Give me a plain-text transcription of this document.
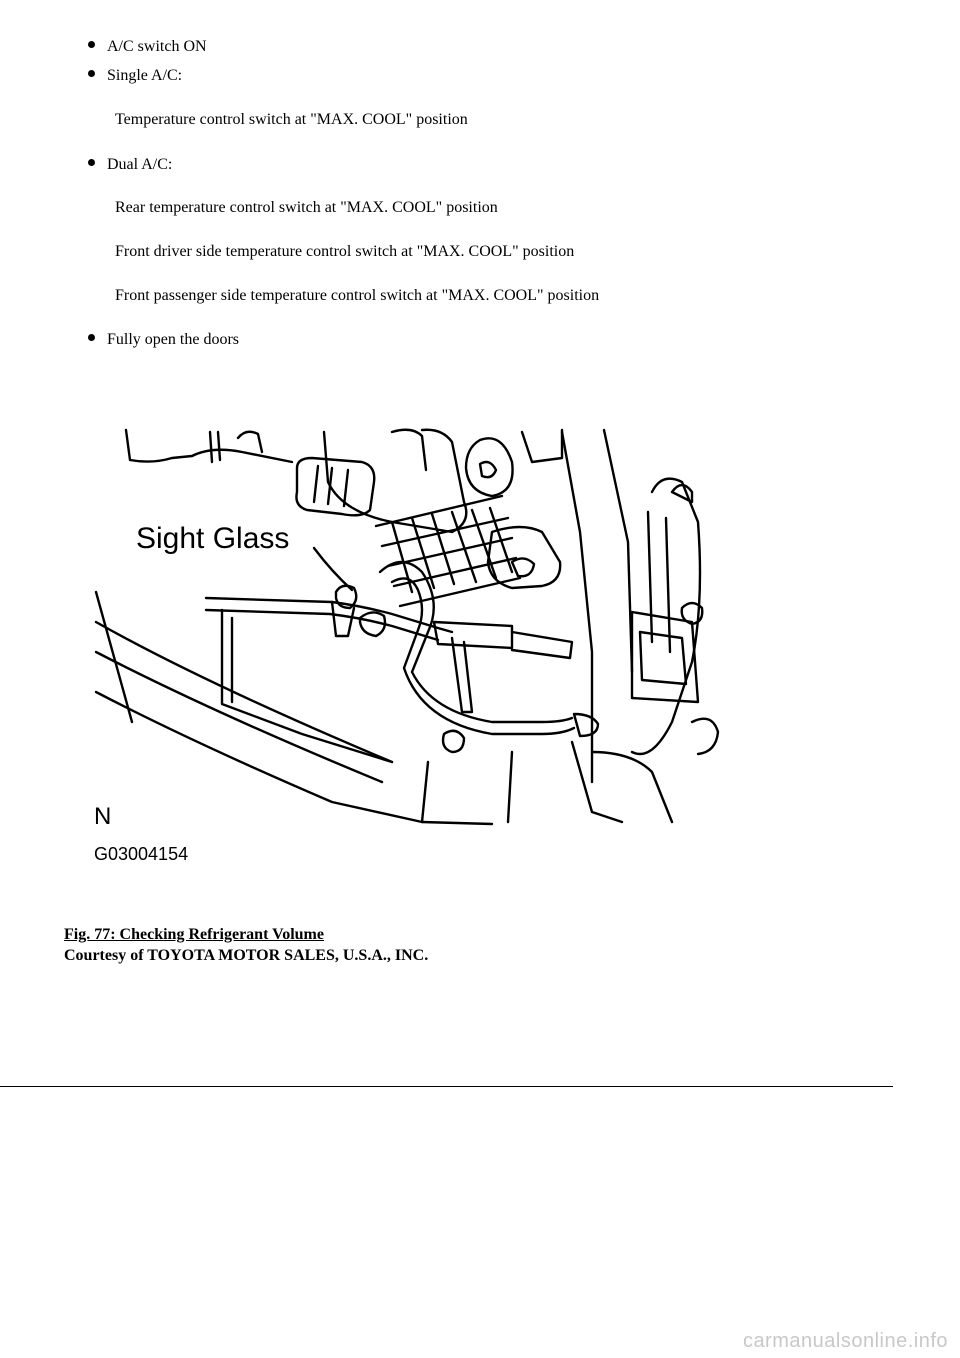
A/C switch ON
Single A/C:
Temperature control switch at "MAX. COOL" position
Dual A/C:
Rear temperature control switch at "MAX. COOL" position
Front driver side temperature control switch at "MAX. COOL" position
Front passenger side temperature control switch at "MAX. COOL" position
Fully open the doors
Sight Glass
N
G03004154
Fig. 77: Checking Refrigerant Volume
Courtesy of TOYOTA MOTOR SALES, U.S.A., INC.
carmanualsonline.info
